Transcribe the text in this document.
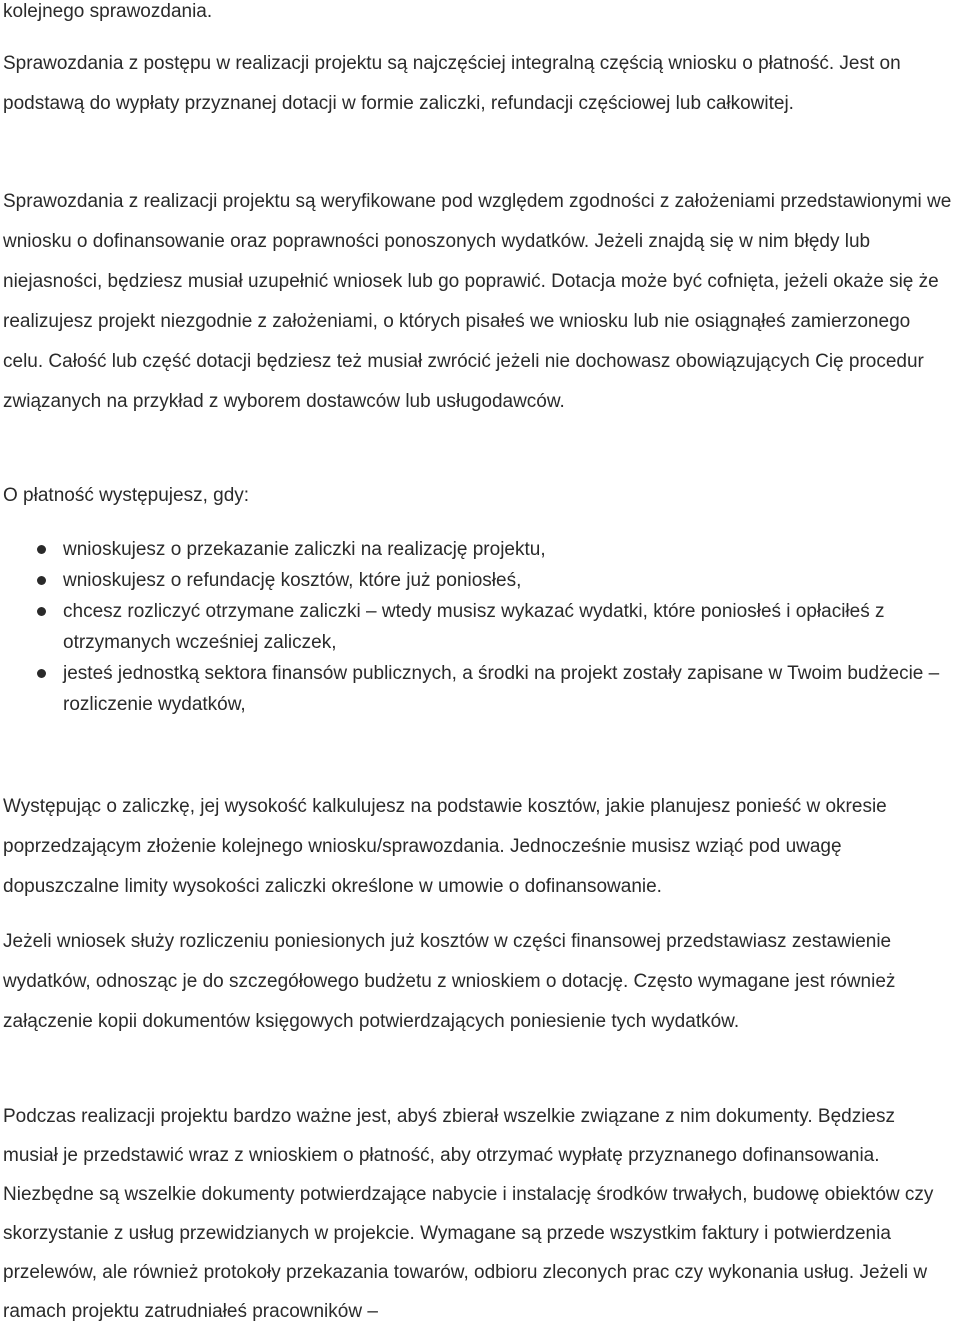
kolejnego sprawozdania.

Sprawozdania z postępu w realizacji projektu są najczęściej integralną częścią wniosku o płatność. Jest on podstawą do wypłaty przyznanej dotacji w formie zaliczki, refundacji częściowej lub całkowitej.

Sprawozdania z realizacji projektu są weryfikowane pod względem zgodności z założeniami przedstawionymi we wniosku o dofinansowanie oraz poprawności ponoszonych wydatków. Jeżeli znajdą się w nim błędy lub niejasności, będziesz musiał uzupełnić wniosek lub go poprawić. Dotacja może być cofnięta, jeżeli okaże się że realizujesz projekt niezgodnie z założeniami, o których pisałeś we wniosku lub nie osiągnąłeś zamierzonego celu. Całość lub część dotacji będziesz też musiał zwrócić jeżeli nie dochowasz obowiązujących Cię procedur związanych na przykład z wyborem dostawców lub usługodawców.

O płatność występujesz, gdy:

wnioskujesz o przekazanie zaliczki na realizację projektu,
wnioskujesz o refundację kosztów, które już poniosłeś,
chcesz rozliczyć otrzymane zaliczki – wtedy musisz wykazać wydatki, które poniosłeś i opłaciłeś z otrzymanych wcześniej zaliczek,
jesteś jednostką sektora finansów publicznych, a środki na projekt zostały zapisane w Twoim budżecie – rozliczenie wydatków,

Występując o zaliczkę, jej wysokość kalkulujesz na podstawie kosztów, jakie planujesz ponieść w okresie poprzedzającym złożenie kolejnego wniosku/sprawozdania. Jednocześnie musisz wziąć pod uwagę dopuszczalne limity wysokości zaliczki określone w umowie o dofinansowanie.

Jeżeli wniosek służy rozliczeniu poniesionych już kosztów w części finansowej przedstawiasz zestawienie wydatków, odnosząc je do szczegółowego budżetu z wnioskiem o dotację. Często wymagane jest również załączenie kopii dokumentów księgowych potwierdzających poniesienie tych wydatków.

Podczas realizacji projektu bardzo ważne jest, abyś zbierał wszelkie związane z nim dokumenty. Będziesz musiał je przedstawić wraz z wnioskiem o płatność, aby otrzymać wypłatę przyznanego dofinansowania. Niezbędne są wszelkie dokumenty potwierdzające nabycie i instalację środków trwałych, budowę obiektów czy skorzystanie z usług przewidzianych w projekcie. Wymagane są przede wszystkim faktury i potwierdzenia przelewów, ale również protokoły przekazania towarów, odbioru zleconych prac czy wykonania usług. Jeżeli w ramach projektu zatrudniałeś pracowników –
